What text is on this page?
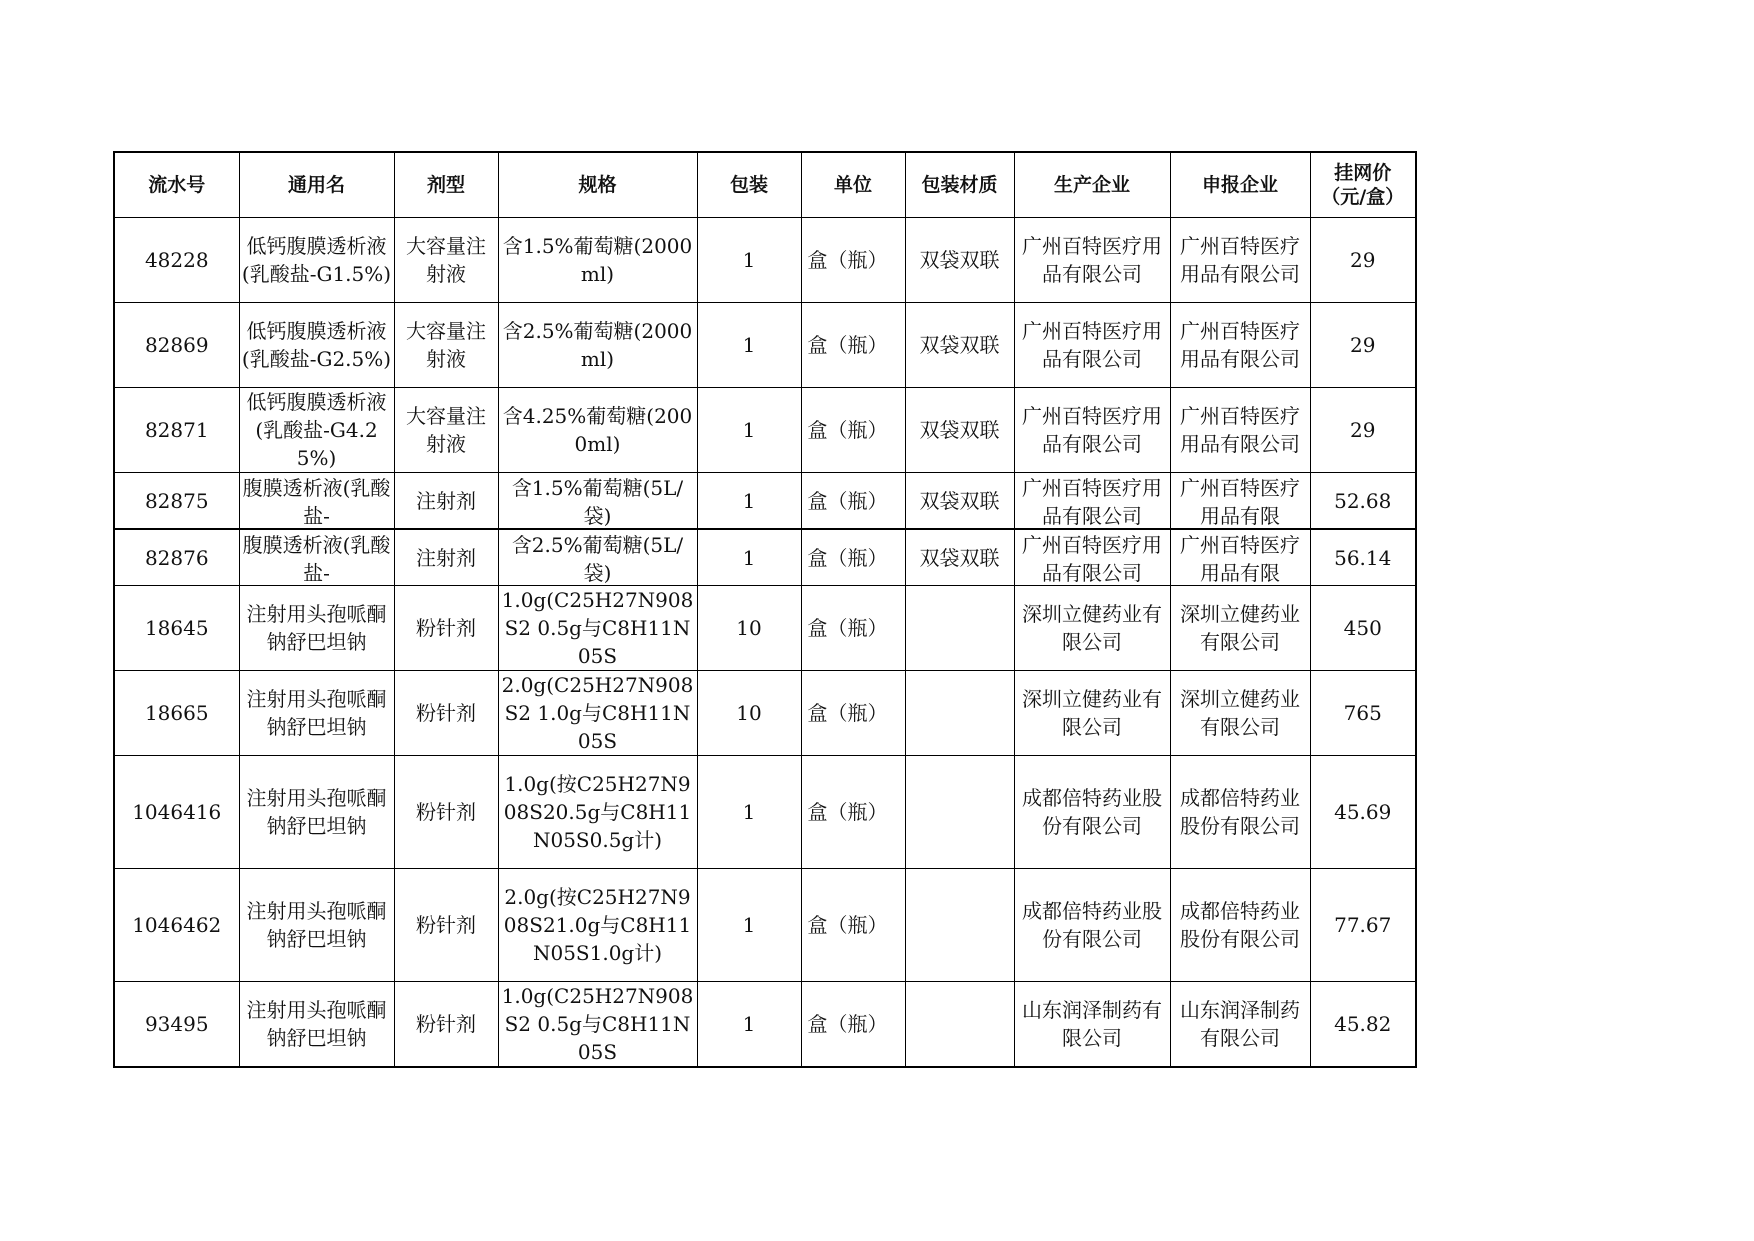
流水号	通用名	剂型	规格	包装	单位	包装材质	生产企业	申报企业	挂网价（元/盒）

48228	低钙腹膜透析液(乳酸盐-G1.5%)	大容量注射液	含1.5%葡萄糖(2000ml)	1	盒（瓶）	双袋双联	广州百特医疗用品有限公司	广州百特医疗用品有限公司	29

82869	低钙腹膜透析液(乳酸盐-G2.5%)	大容量注射液	含2.5%葡萄糖(2000ml)	1	盒（瓶）	双袋双联	广州百特医疗用品有限公司	广州百特医疗用品有限公司	29

82871	低钙腹膜透析液(乳酸盐-G4.25%)	大容量注射液	含4.25%葡萄糖(2000ml)	1	盒（瓶）	双袋双联	广州百特医疗用品有限公司	广州百特医疗用品有限公司	29

82875	腹膜透析液(乳酸盐-	注射剂	含1.5%葡萄糖(5L/袋)	1	盒（瓶）	双袋双联	广州百特医疗用品有限公司	广州百特医疗用品有限	52.68

82876	腹膜透析液(乳酸盐-	注射剂	含2.5%葡萄糖(5L/袋)	1	盒（瓶）	双袋双联	广州百特医疗用品有限公司	广州百特医疗用品有限	56.14

18645	注射用头孢哌酮钠舒巴坦钠	粉针剂	1.0g(C25H27N908S2 0.5g与C8H11N05S	10	盒（瓶）		深圳立健药业有限公司	深圳立健药业有限公司	450

18665	注射用头孢哌酮钠舒巴坦钠	粉针剂	2.0g(C25H27N908S2 1.0g与C8H11N05S	10	盒（瓶）		深圳立健药业有限公司	深圳立健药业有限公司	765

1046416	注射用头孢哌酮钠舒巴坦钠	粉针剂	1.0g(按C25H27N908S20.5g与C8H11N05S0.5g计)	1	盒（瓶）		成都倍特药业股份有限公司	成都倍特药业股份有限公司	45.69

1046462	注射用头孢哌酮钠舒巴坦钠	粉针剂	2.0g(按C25H27N908S21.0g与C8H11N05S1.0g计)	1	盒（瓶）		成都倍特药业股份有限公司	成都倍特药业股份有限公司	77.67

93495	注射用头孢哌酮钠舒巴坦钠	粉针剂	1.0g(C25H27N908S2 0.5g与C8H11N05S	1	盒（瓶）		山东润泽制药有限公司	山东润泽制药有限公司	45.82
